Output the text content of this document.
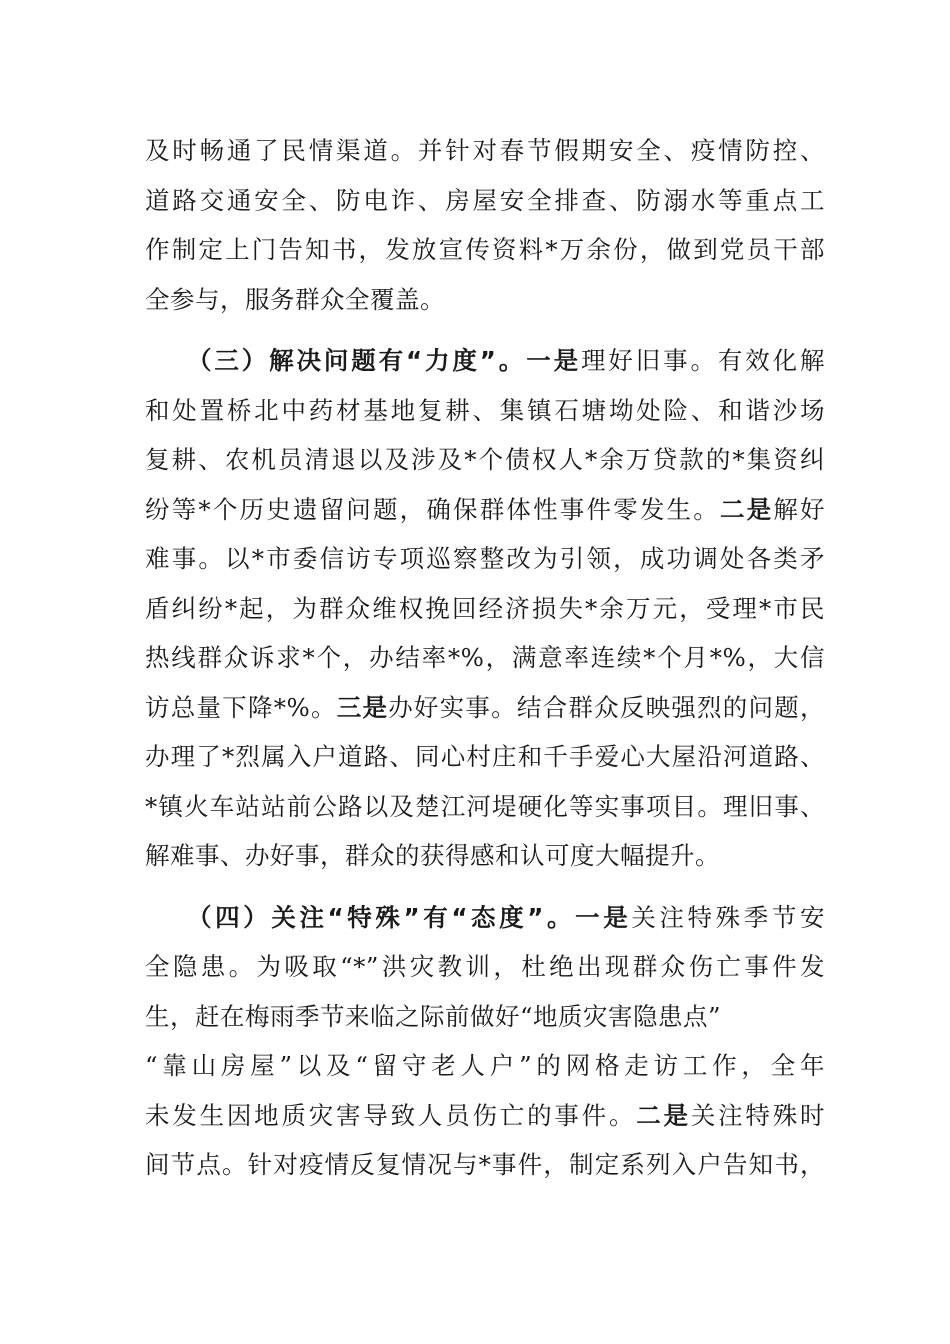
及时畅通了民情渠道。并针对春节假期安全、疫情防控、
道路交通安全、防电诈、房屋安全排查、防溺水等重点工
作制定上门告知书，发放宣传资料*万余份，做到党员干部
全参与，服务群众全覆盖。
（三）解决问题有“力度”。一是理好旧事。有效化解
和处置桥北中药材基地复耕、集镇石塘坳处险、和谐沙场
复耕、农机员清退以及涉及*个债权人*余万贷款的*集资纠
纷等*个历史遗留问题，确保群体性事件零发生。二是解好
难事。以*市委信访专项巡察整改为引领，成功调处各类矛
盾纠纷*起，为群众维权挽回经济损失*余万元，受理*市民
热线群众诉求*个，办结率*%，满意率连续*个月*%，大信
访总量下降*%。三是办好实事。结合群众反映强烈的问题，
办理了*烈属入户道路、同心村庄和千手爱心大屋沿河道路、
*镇火车站站前公路以及楚江河堤硬化等实事项目。理旧事、
解难事、办好事，群众的获得感和认可度大幅提升。
（四）关注“特殊”有“态度”。一是关注特殊季节安
全隐患。为吸取“*”洪灾教训，杜绝出现群众伤亡事件发
生，赶在梅雨季节来临之际前做好“地质灾害隐患点”
“靠山房屋”以及“留守老人户”的网格走访工作，全年
未发生因地质灾害导致人员伤亡的事件。二是关注特殊时
间节点。针对疫情反复情况与*事件，制定系列入户告知书，
